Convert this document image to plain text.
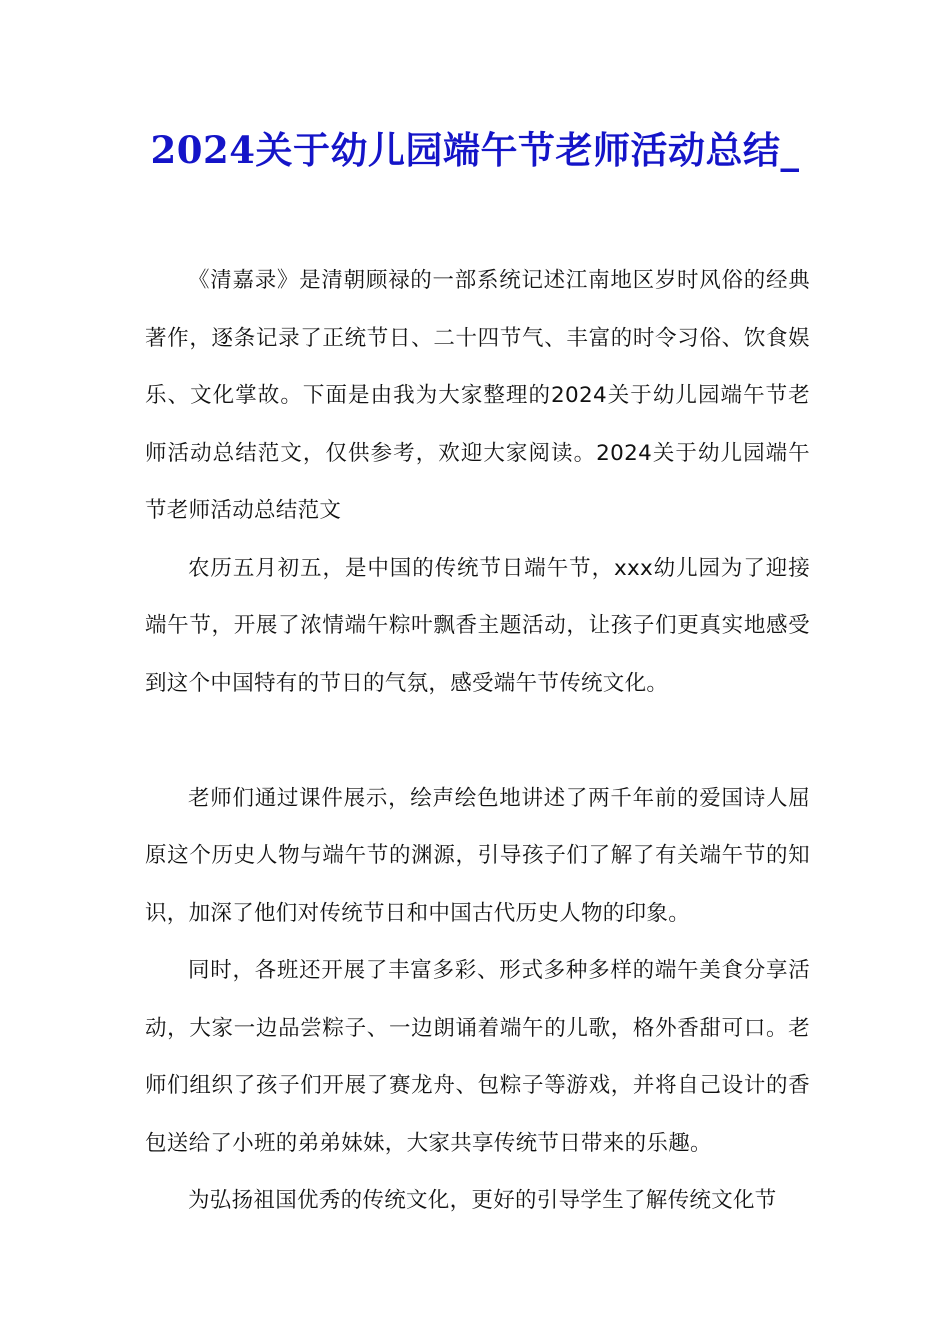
2024关于幼儿园端午节老师活动总结_

《清嘉录》是清朝顾禄的一部系统记述江南地区岁时风俗的经典著作，逐条记录了正统节日、二十四节气、丰富的时令习俗、饮食娱乐、文化掌故。下面是由我为大家整理的2024关于幼儿园端午节老师活动总结范文，仅供参考，欢迎大家阅读。2024关于幼儿园端午节老师活动总结范文

农历五月初五，是中国的传统节日端午节，xxx幼儿园为了迎接端午节，开展了浓情端午粽叶飘香主题活动，让孩子们更真实地感受到这个中国特有的节日的气氛，感受端午节传统文化。

老师们通过课件展示，绘声绘色地讲述了两千年前的爱国诗人屈原这个历史人物与端午节的渊源，引导孩子们了解了有关端午节的知识，加深了他们对传统节日和中国古代历史人物的印象。

同时，各班还开展了丰富多彩、形式多种多样的端午美食分享活动，大家一边品尝粽子、一边朗诵着端午的儿歌，格外香甜可口。老师们组织了孩子们开展了赛龙舟、包粽子等游戏，并将自己设计的香包送给了小班的弟弟妹妹，大家共享传统节日带来的乐趣。

为弘扬祖国优秀的传统文化，更好的引导学生了解传统文化节
